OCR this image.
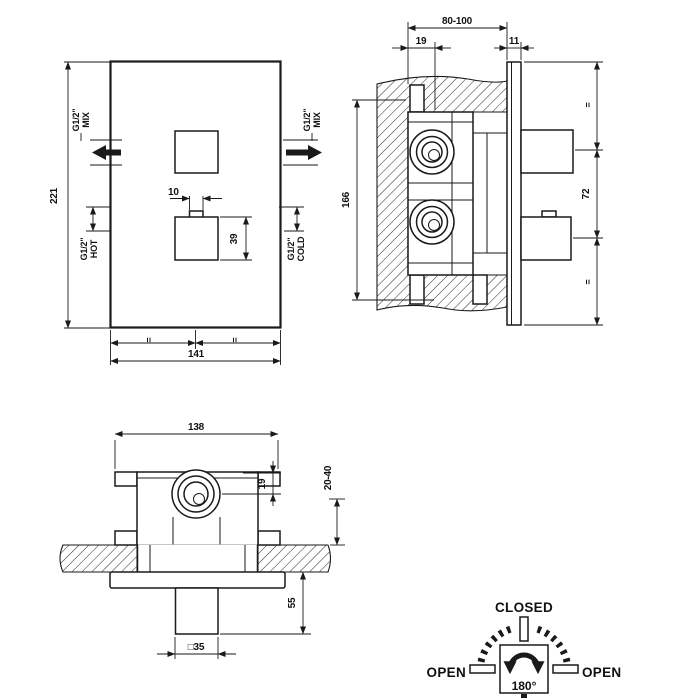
221
=	=
141
10
39
G1/2" MIX	G1/2" MIX
G1/2" HOT	G1/2" COLD
80-100
19	11
166
=
72
=
138
19	20-40
55
□35
CLOSED
OPEN	OPEN
180°
